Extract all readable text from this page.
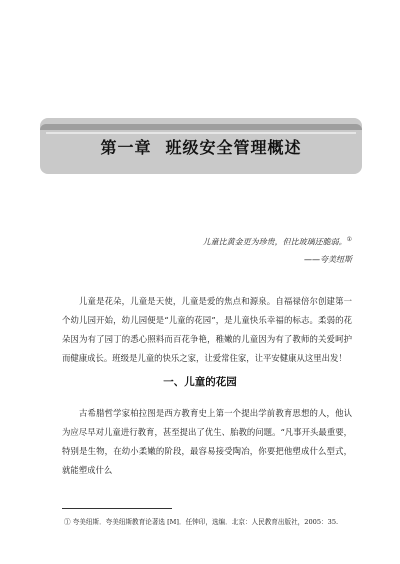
第一章 班级安全管理概述
儿童比黄金更为珍贵，但比玻璃还脆弱。①
——夸美纽斯

儿童是花朵，儿童是天使，儿童是爱的焦点和源泉。自福禄倍尔创建第一个幼儿园开始，幼儿园便是“儿童的花园”，是儿童快乐幸福的标志。柔弱的花朵因为有了园丁的悉心照料而百花争艳，稚嫩的儿童因为有了教师的关爱呵护而健康成长。班级是儿童的快乐之家，让爱常住家，让平安健康从这里出发！

一、儿童的花园

古希腊哲学家柏拉图是西方教育史上第一个提出学前教育思想的人，他认为应尽早对儿童进行教育，甚至提出了优生、胎教的问题。“凡事开头最重要，特别是生物，在幼小柔嫩的阶段，最容易接受陶冶，你要把他塑成什么型式，就能塑成什么

① 夸美纽斯．夸美纽斯教育论著选 [M]．任钟印，选编．北京：人民教育出版社，2005：35.
